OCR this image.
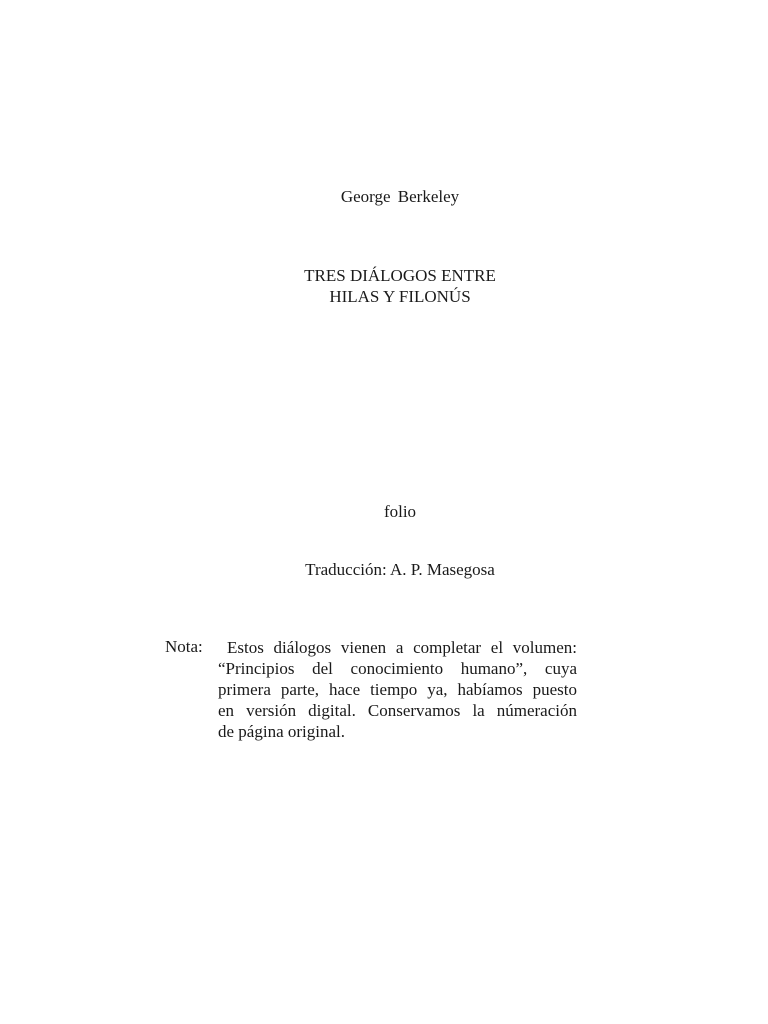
George Berkeley
TRES DIÁLOGOS ENTRE
HILAS Y FILONÚS
folio
Traducción: A. P. Masegosa
Nota:	Estos diálogos vienen a completar el volumen:
“Principios del conocimiento humano”, cuya
primera parte, hace tiempo ya, habíamos puesto
en versión digital. Conservamos la númeración
de página original.
